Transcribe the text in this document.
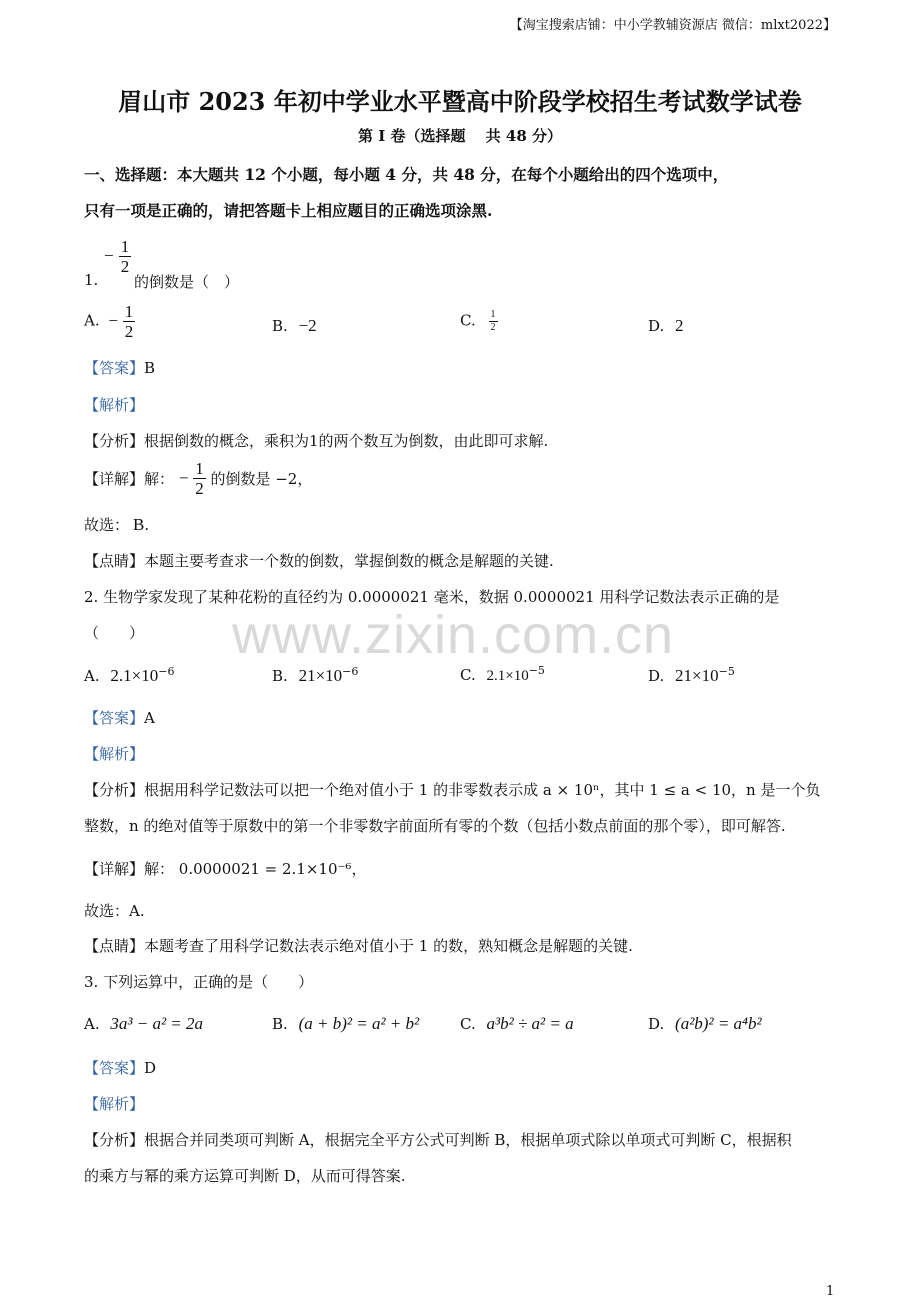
【淘宝搜索店铺：中小学教辅资源店 微信：mlxt2022】
眉山市 2023 年初中学业水平暨高中阶段学校招生考试数学试卷
第 I 卷（选择题　 共 48 分）
一、选择题：本大题共 12 个小题，每小题 4 分，共 48 分，在每个小题给出的四个选项中，
只有一项是正确的，请把答题卡上相应题目的正确选项涂黑.
www.zixin.com.cn
− $\frac{1}{2}$
1. 的倒数是（　）
A. − $\frac{1}{2}$	B. −2	C. $\frac{1}{2}$	D. 2
【答案】B
【解析】
【分析】根据倒数的概念，乘积为1的两个数互为倒数，由此即可求解.
【详解】解： − $\frac{1}{2}$ 的倒数是 −2，
故选： B.
【点睛】本题主要考查求一个数的倒数，掌握倒数的概念是解题的关键.
2. 生物学家发现了某种花粉的直径约为 0.0000021 毫米，数据 0.0000021 用科学记数法表示正确的是
（　　）
A. $2.1\times 10^{-6}$	B. $21\times 10^{-6}$	C. $2.1\times 10^{-5}$	D. $21\times 10^{-5}$
【答案】A
【解析】
【分析】根据用科学记数法可以把一个绝对值小于 1 的非零数表示成 a × 10ⁿ，其中 1 ≤ a < 10，n 是一个负
整数，n 的绝对值等于原数中的第一个非零数字前面所有零的个数（包括小数点前面的那个零），即可解答.
【详解】解： 0.0000021 = 2.1×10⁻⁶，
故选：A.
【点睛】本题考查了用科学记数法表示绝对值小于 1 的数，熟知概念是解题的关键.
3. 下列运算中，正确的是（　　）
A. 3a³ − a² = 2a	B. (a + b)² = a² + b²	C. a³b² ÷ a² = a	D. (a²b)² = a⁴b²
【答案】D
【解析】
【分析】根据合并同类项可判断 A，根据完全平方公式可判断 B，根据单项式除以单项式可判断 C，根据积
的乘方与幂的乘方运算可判断 D，从而可得答案.
1
